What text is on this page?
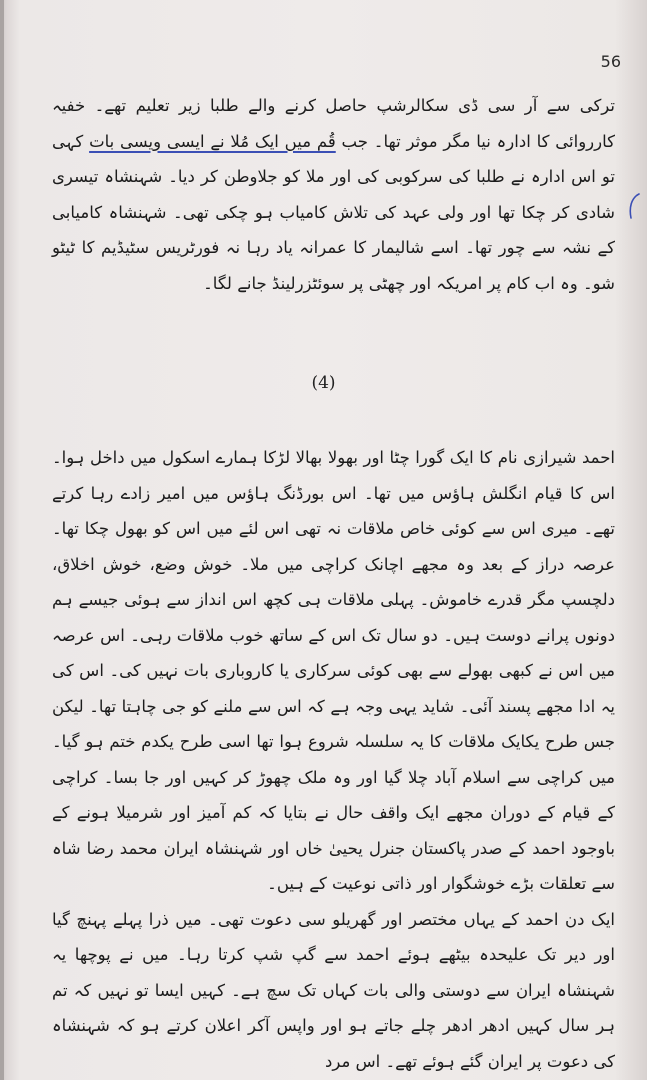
56

ترکی سے آر سی ڈی سکالرشپ حاصل کرنے والے طلبا زیر تعلیم تھے۔ خفیہ کارروائی کا ادارہ نیا مگر موثر تھا۔ جب قُم میں ایک مُلا نے ایسی ویسی بات کہی تو اس ادارہ نے طلبا کی سرکوبی کی اور ملا کو جلاوطن کر دیا۔ شہنشاہ تیسری شادی کر چکا تھا اور ولی عہد کی تلاش کامیاب ہو چکی تھی۔ شہنشاہ کامیابی کے نشہ سے چور تھا۔ اسے شالیمار کا عمرانہ یاد رہا نہ فورٹریس سٹیڈیم کا ٹیٹو شو۔ وہ اب کام پر امریکہ اور چھٹی پر سوئٹزرلینڈ جانے لگا۔

(4)

احمد شیرازی نام کا ایک گورا چٹا اور بھولا بھالا لڑکا ہمارے اسکول میں داخل ہوا۔ اس کا قیام انگلش ہاؤس میں تھا۔ اس بورڈنگ ہاؤس میں امیر زادے رہا کرتے تھے۔ میری اس سے کوئی خاص ملاقات نہ تھی اس لئے میں اس کو بھول چکا تھا۔ عرصہ دراز کے بعد وہ مجھے اچانک کراچی میں ملا۔ خوش وضع، خوش اخلاق، دلچسپ مگر قدرے خاموش۔ پہلی ملاقات ہی کچھ اس انداز سے ہوئی جیسے ہم دونوں پرانے دوست ہیں۔ دو سال تک اس کے ساتھ خوب ملاقات رہی۔ اس عرصہ میں اس نے کبھی بھولے سے بھی کوئی سرکاری یا کاروباری بات نہیں کی۔ اس کی یہ ادا مجھے پسند آئی۔ شاید یہی وجہ ہے کہ اس سے ملنے کو جی چاہتا تھا۔ لیکن جس طرح یکایک ملاقات کا یہ سلسلہ شروع ہوا تھا اسی طرح یکدم ختم ہو گیا۔ میں کراچی سے اسلام آباد چلا گیا اور وہ ملک چھوڑ کر کہیں اور جا بسا۔ کراچی کے قیام کے دوران مجھے ایک واقف حال نے بتایا کہ کم آمیز اور شرمیلا ہونے کے باوجود احمد کے صدر پاکستان جنرل یحییٰ خاں اور شہنشاہ ایران محمد رضا شاہ سے تعلقات بڑے خوشگوار اور ذاتی نوعیت کے ہیں۔

ایک دن احمد کے یہاں مختصر اور گھریلو سی دعوت تھی۔ میں ذرا پہلے پہنچ گیا اور دیر تک علیحدہ بیٹھے ہوئے احمد سے گپ شپ کرتا رہا۔ میں نے پوچھا یہ شہنشاہ ایران سے دوستی والی بات کہاں تک سچ ہے۔ کہیں ایسا تو نہیں کہ تم ہر سال کہیں ادھر ادھر چلے جاتے ہو اور واپس آکر اعلان کرتے ہو کہ شہنشاہ کی دعوت پر ایران گئے ہوئے تھے۔ اس مرد
